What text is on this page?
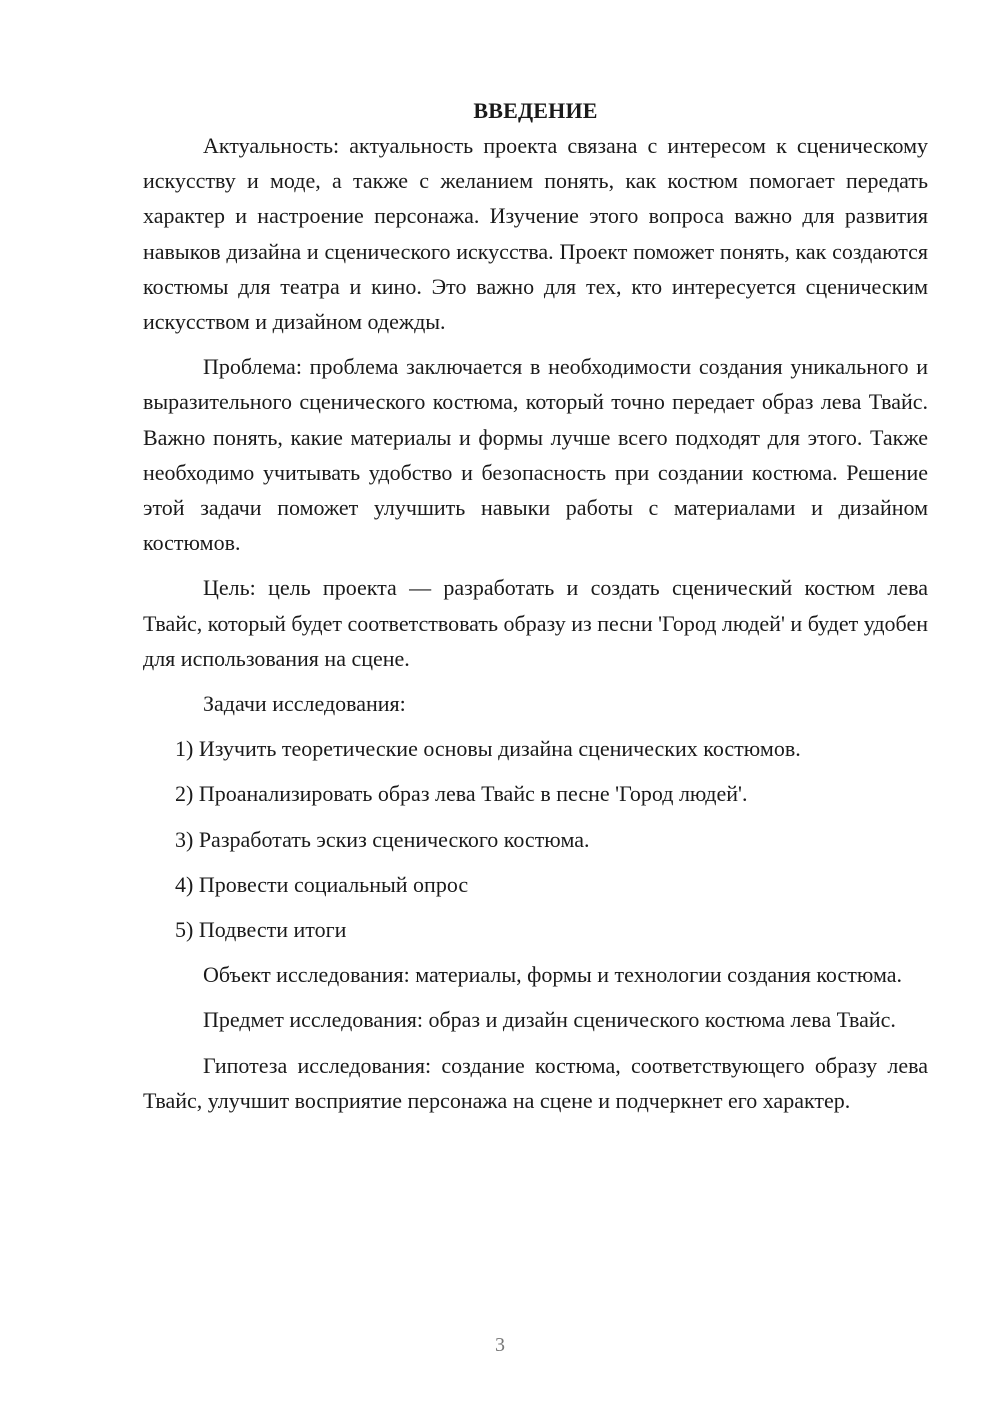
ВВЕДЕНИЕ

Актуальность: актуальность проекта связана с интересом к сценическому искусству и моде, а также с желанием понять, как костюм помогает передать характер и настроение персонажа. Изучение этого вопроса важно для развития навыков дизайна и сценического искусства. Проект поможет понять, как создаются костюмы для театра и кино. Это важно для тех, кто интересуется сценическим искусством и дизайном одежды.

Проблема: проблема заключается в необходимости создания уникального и выразительного сценического костюма, который точно передает образ лева Твайс. Важно понять, какие материалы и формы лучше всего подходят для этого. Также необходимо учитывать удобство и безопасность при создании костюма. Решение этой задачи поможет улучшить навыки работы с материалами и дизайном костюмов.

Цель: цель проекта — разработать и создать сценический костюм лева Твайс, который будет соответствовать образу из песни 'Город людей' и будет удобен для использования на сцене.

Задачи исследования:

1) Изучить теоретические основы дизайна сценических костюмов.

2) Проанализировать образ лева Твайс в песне 'Город людей'.

3) Разработать эскиз сценического костюма.

4) Провести социальный опрос

5) Подвести итоги

Объект исследования: материалы, формы и технологии создания костюма.

Предмет исследования: образ и дизайн сценического костюма лева Твайс.

Гипотеза исследования: создание костюма, соответствующего образу лева Твайс, улучшит восприятие персонажа на сцене и подчеркнет его характер.

3
